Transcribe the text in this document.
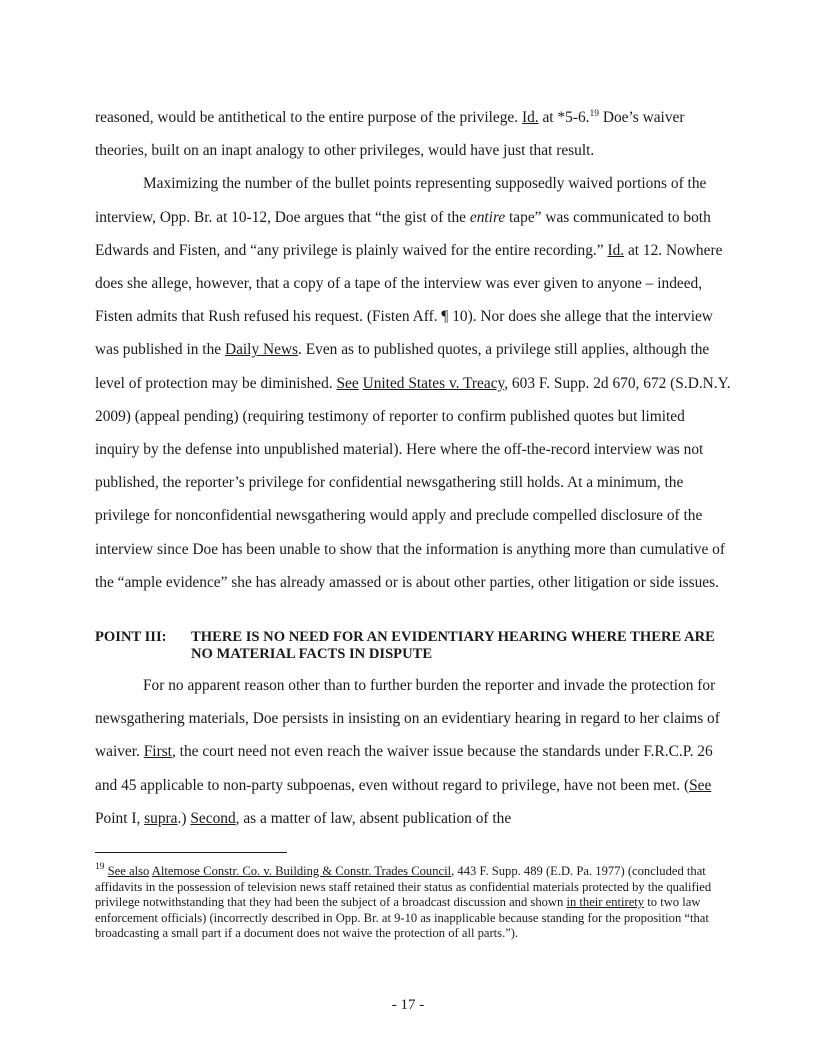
reasoned, would be antithetical to the entire purpose of the privilege. Id. at *5-6.19 Doe’s waiver theories, built on an inapt analogy to other privileges, would have just that result.

Maximizing the number of the bullet points representing supposedly waived portions of the interview, Opp. Br. at 10-12, Doe argues that “the gist of the entire tape” was communicated to both Edwards and Fisten, and “any privilege is plainly waived for the entire recording.” Id. at 12. Nowhere does she allege, however, that a copy of a tape of the interview was ever given to anyone – indeed, Fisten admits that Rush refused his request. (Fisten Aff. ¶ 10). Nor does she allege that the interview was published in the Daily News. Even as to published quotes, a privilege still applies, although the level of protection may be diminished. See United States v. Treacy, 603 F. Supp. 2d 670, 672 (S.D.N.Y. 2009) (appeal pending) (requiring testimony of reporter to confirm published quotes but limited inquiry by the defense into unpublished material). Here where the off-the-record interview was not published, the reporter’s privilege for confidential newsgathering still holds. At a minimum, the privilege for nonconfidential newsgathering would apply and preclude compelled disclosure of the interview since Doe has been unable to show that the information is anything more than cumulative of the “ample evidence” she has already amassed or is about other parties, other litigation or side issues.

POINT III:	THERE IS NO NEED FOR AN EVIDENTIARY HEARING WHERE THERE ARE NO MATERIAL FACTS IN DISPUTE

For no apparent reason other than to further burden the reporter and invade the protection for newsgathering materials, Doe persists in insisting on an evidentiary hearing in regard to her claims of waiver. First, the court need not even reach the waiver issue because the standards under F.R.C.P. 26 and 45 applicable to non-party subpoenas, even without regard to privilege, have not been met. (See Point I, supra.) Second, as a matter of law, absent publication of the

$^{19}$ See also Altemose Constr. Co. v. Building & Constr. Trades Council, 443 F. Supp. 489 (E.D. Pa. 1977) (concluded that affidavits in the possession of television news staff retained their status as confidential materials protected by the qualified privilege notwithstanding that they had been the subject of a broadcast discussion and shown in their entirety to two law enforcement officials) (incorrectly described in Opp. Br. at 9-10 as inapplicable because standing for the proposition “that broadcasting a small part if a document does not waive the protection of all parts.”).

- 17 -
